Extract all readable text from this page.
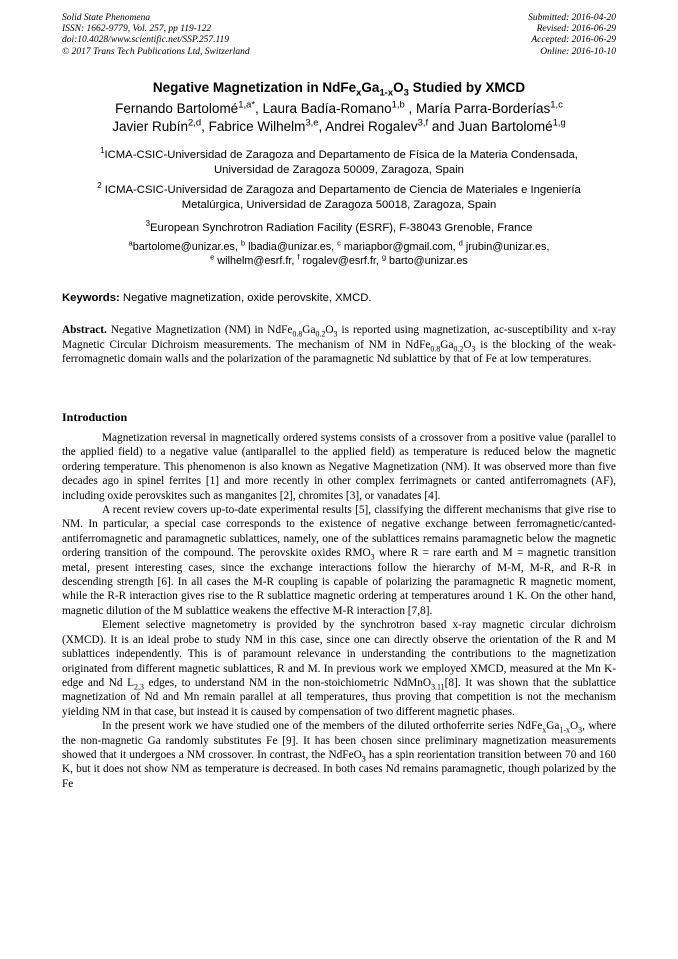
Solid State Phenomena
ISSN: 1662-9779, Vol. 257, pp 119-122
doi:10.4028/www.scientific.net/SSP.257.119
© 2017 Trans Tech Publications Ltd, Switzerland
Submitted: 2016-04-20
Revised: 2016-06-29
Accepted: 2016-06-29
Online: 2016-10-10
Negative Magnetization in $NdFe_xGa_{1-x}O_3$ Studied by XMCD
Fernando Bartolomé$^{1,a*}$, Laura Badía-Romano$^{1,b}$ , María Parra-Borderías$^{1,c}$
Javier Rubín$^{2,d}$, Fabrice Wilhelm$^{3,e}$, Andrei Rogalev$^{3,f}$ and Juan Bartolomé$^{1,g}$
$^1$ICMA-CSIC-Universidad de Zaragoza and Departamento de Física de la Materia Condensada,
Universidad de Zaragoza 50009, Zaragoza, Spain
$^2$ ICMA-CSIC-Universidad de Zaragoza and Departamento de Ciencia de Materiales e Ingeniería
Metalúrgica, Universidad de Zaragoza 50018, Zaragoza, Spain
$^3$European Synchrotron Radiation Facility (ESRF), F-38043 Grenoble, France
$^a$bartolome@unizar.es, $^b$ lbadia@unizar.es, $^c$ mariapbor@gmail.com, $^d$ jrubin@unizar.es,
$^e$ wilhelm@esrf.fr, $^f$ rogalev@esrf.fr, $^g$ barto@unizar.es
Keywords: Negative magnetization, oxide perovskite, XMCD.
Abstract. Negative Magnetization (NM) in $NdFe_{0.8}Ga_{0.2}O_3$ is reported using magnetization, ac-susceptibility and x-ray Magnetic Circular Dichroism measurements. The mechanism of NM in $NdFe_{0.8}Ga_{0.2}O_3$ is the blocking of the weak-ferromagnetic domain walls and the polarization of the paramagnetic Nd sublattice by that of Fe at low temperatures.
Introduction

Magnetization reversal in magnetically ordered systems consists of a crossover from a positive value (parallel to the applied field) to a negative value (antiparallel to the applied field) as temperature is reduced below the magnetic ordering temperature. This phenomenon is also known as Negative Magnetization (NM). It was observed more than five decades ago in spinel ferrites [1] and more recently in other complex ferrimagnets or canted antiferromagnets (AF), including oxide perovskites such as manganites [2], chromites [3], or vanadates [4].

A recent review covers up-to-date experimental results [5], classifying the different mechanisms that give rise to NM. In particular, a special case corresponds to the existence of negative exchange between ferromagnetic/canted-antiferromagnetic and paramagnetic sublattices, namely, one of the sublattices remains paramagnetic below the magnetic ordering transition of the compound. The perovskite oxides $RMO_3$ where R = rare earth and M = magnetic transition metal, present interesting cases, since the exchange interactions follow the hierarchy of M-M, M-R, and R-R in descending strength [6]. In all cases the M-R coupling is capable of polarizing the paramagnetic R magnetic moment, while the R-R interaction gives rise to the R sublattice magnetic ordering at temperatures around 1 K. On the other hand, magnetic dilution of the M sublattice weakens the effective M-R interaction [7,8].

Element selective magnetometry is provided by the synchrotron based x-ray magnetic circular dichroism (XMCD). It is an ideal probe to study NM in this case, since one can directly observe the orientation of the R and M sublattices independently. This is of paramount relevance in understanding the contributions to the magnetization originated from different magnetic sublattices, R and M. In previous work we employed XMCD, measured at the Mn K-edge and Nd $L_{2,3}$ edges, to understand NM in the non-stoichiometric NdMnO$_{3.11}$[8]. It was shown that the sublattice magnetization of Nd and Mn remain parallel at all temperatures, thus proving that competition is not the mechanism yielding NM in that case, but instead it is caused by compensation of two different magnetic phases.

In the present work we have studied one of the members of the diluted orthoferrite series $NdFe_xGa_{1-x}O_3$, where the non-magnetic Ga randomly substitutes Fe [9]. It has been chosen since preliminary magnetization measurements showed that it undergoes a NM crossover. In contrast, the NdFeO$_3$ has a spin reorientation transition between 70 and 160 K, but it does not show NM as temperature is decreased. In both cases Nd remains paramagnetic, though polarized by the Fe
